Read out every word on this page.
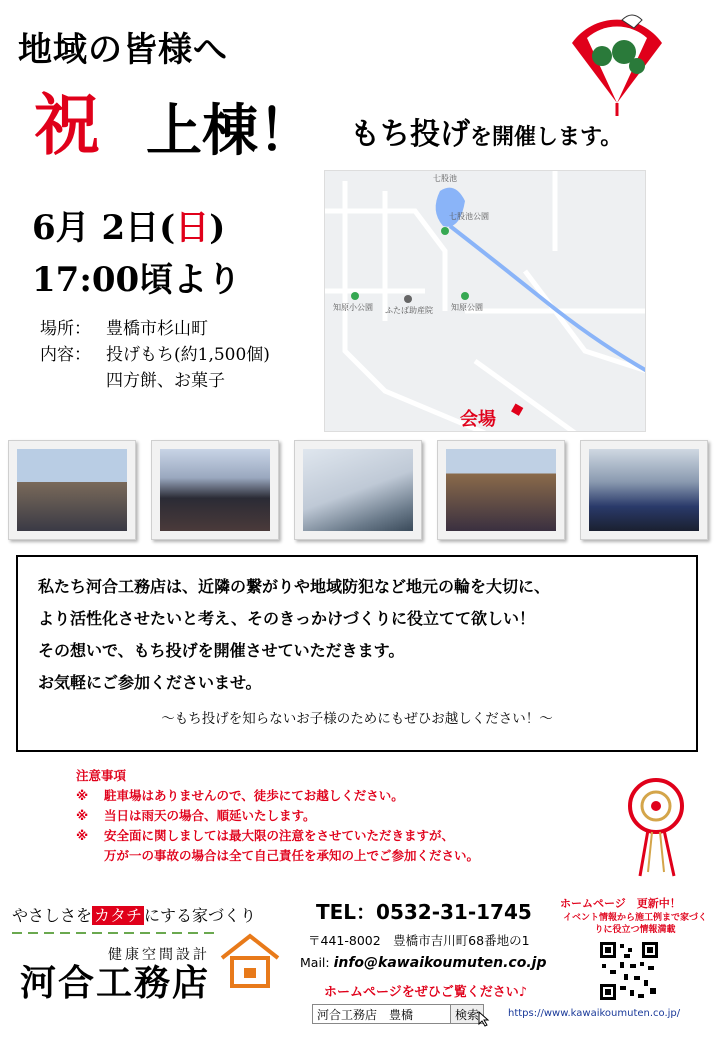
地域の皆様へ
祝 上棟！ もち投げを開催します。
6月 2日(日)
17:00頃より
場所： 豊橋市杉山町
内容： 投げもち(約1,500個)
四方餅、お菓子
七股池
七股池公園
知原小公園 ふたば助産院 知原公園
会場
私たち河合工務店は、近隣の繋がりや地域防犯など地元の輪を大切に、
より活性化させたいと考え、そのきっかけづくりに役立てて欲しい！
その想いで、もち投げを開催させていただきます。
お気軽にご参加くださいませ。
～もち投げを知らないお子様のためにもぜひお越しください！～
注意事項
※	駐車場はありませんので、徒歩にてお越しください。
※	当日は雨天の場合、順延いたします。
※	安全面に関しましては最大限の注意をさせていただきますが、
万が一の事故の場合は全て自己責任を承知の上でご参加ください。
やさしさを カタチ にする家づくり
健康空間設計
河合工務店
TEL：0532-31-1745
〒441-8002　豊橋市吉川町68番地の1
Mail: info@kawaikoumuten.co.jp
ホームページをぜひご覧ください♪
河合工務店　豊橋	検索
ホームページ　更新中！
イベント情報から施工例まで家づくりに役立つ情報満載
https://www.kawaikoumuten.co.jp/
